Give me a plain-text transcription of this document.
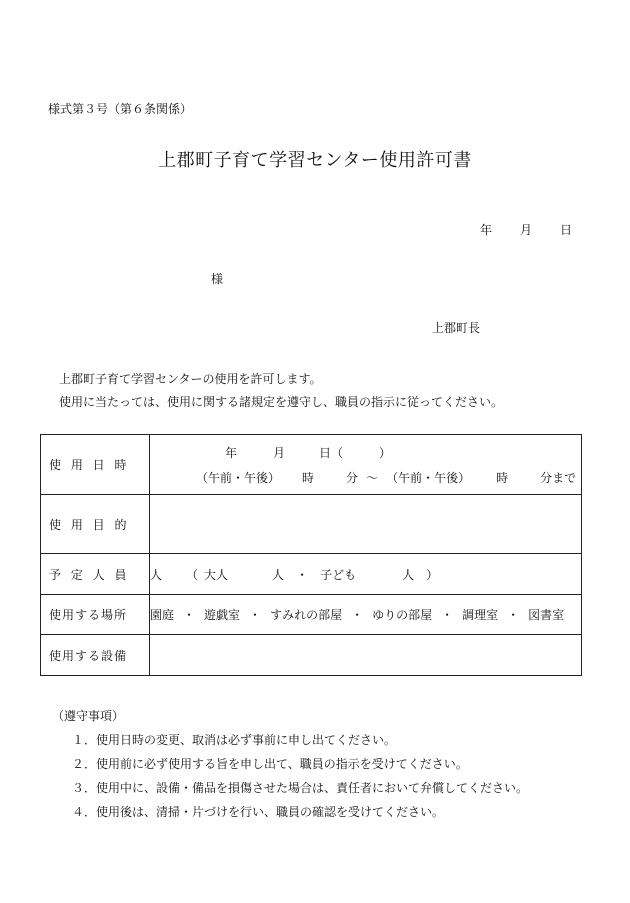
様式第３号（第６条関係）
上郡町子育て学習センター使用許可書
年 月 日
様
上郡町長
上郡町子育て学習センターの使用を許可します。
使用に当たっては、使用に関する諸規定を遵守し、職員の指示に従ってください。
使 用 日 時	年 月 日（ ）
（午前・午後） 時 分 ～ （午前・午後） 時 分まで

使 用 目 的	
予 定 人 員	人 （ 大人 人 ・ 子ども 人 ）
使用する場所	園庭 ・ 遊戯室 ・ すみれの部屋 ・ ゆりの部屋 ・ 調理室 ・ 図書室
使用する設備	
（遵守事項）
１．使用日時の変更、取消は必ず事前に申し出てください。
２．使用前に必ず使用する旨を申し出て、職員の指示を受けてください。
３．使用中に、設備・備品を損傷させた場合は、責任者において弁償してください。
４．使用後は、清掃・片づけを行い、職員の確認を受けてください。
